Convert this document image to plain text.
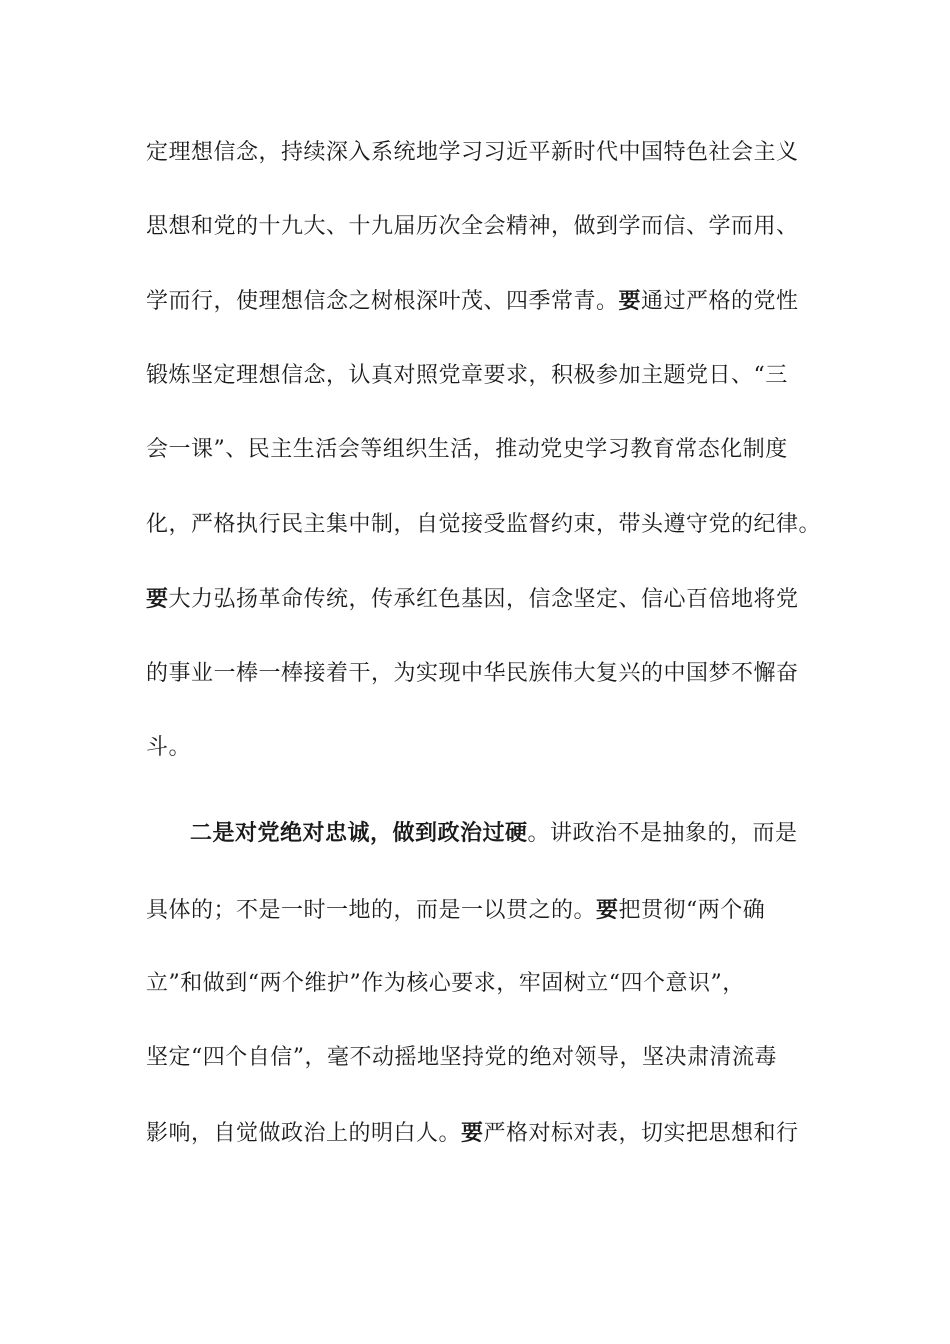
定理想信念，持续深入系统地学习习近平新时代中国特色社会主义
思想和党的十九大、十九届历次全会精神，做到学而信、学而用、
学而行，使理想信念之树根深叶茂、四季常青。要通过严格的党性
锻炼坚定理想信念，认真对照党章要求，积极参加主题党日、“三
会一课”、民主生活会等组织生活，推动党史学习教育常态化制度
化，严格执行民主集中制，自觉接受监督约束，带头遵守党的纪律。
要大力弘扬革命传统，传承红色基因，信念坚定、信心百倍地将党
的事业一棒一棒接着干，为实现中华民族伟大复兴的中国梦不懈奋
斗。
二是对党绝对忠诚，做到政治过硬。讲政治不是抽象的，而是
具体的；不是一时一地的，而是一以贯之的。要把贯彻“两个确
立”和做到“两个维护”作为核心要求，牢固树立“四个意识”，
坚定“四个自信”，毫不动摇地坚持党的绝对领导，坚决肃清流毒
影响，自觉做政治上的明白人。要严格对标对表，切实把思想和行
